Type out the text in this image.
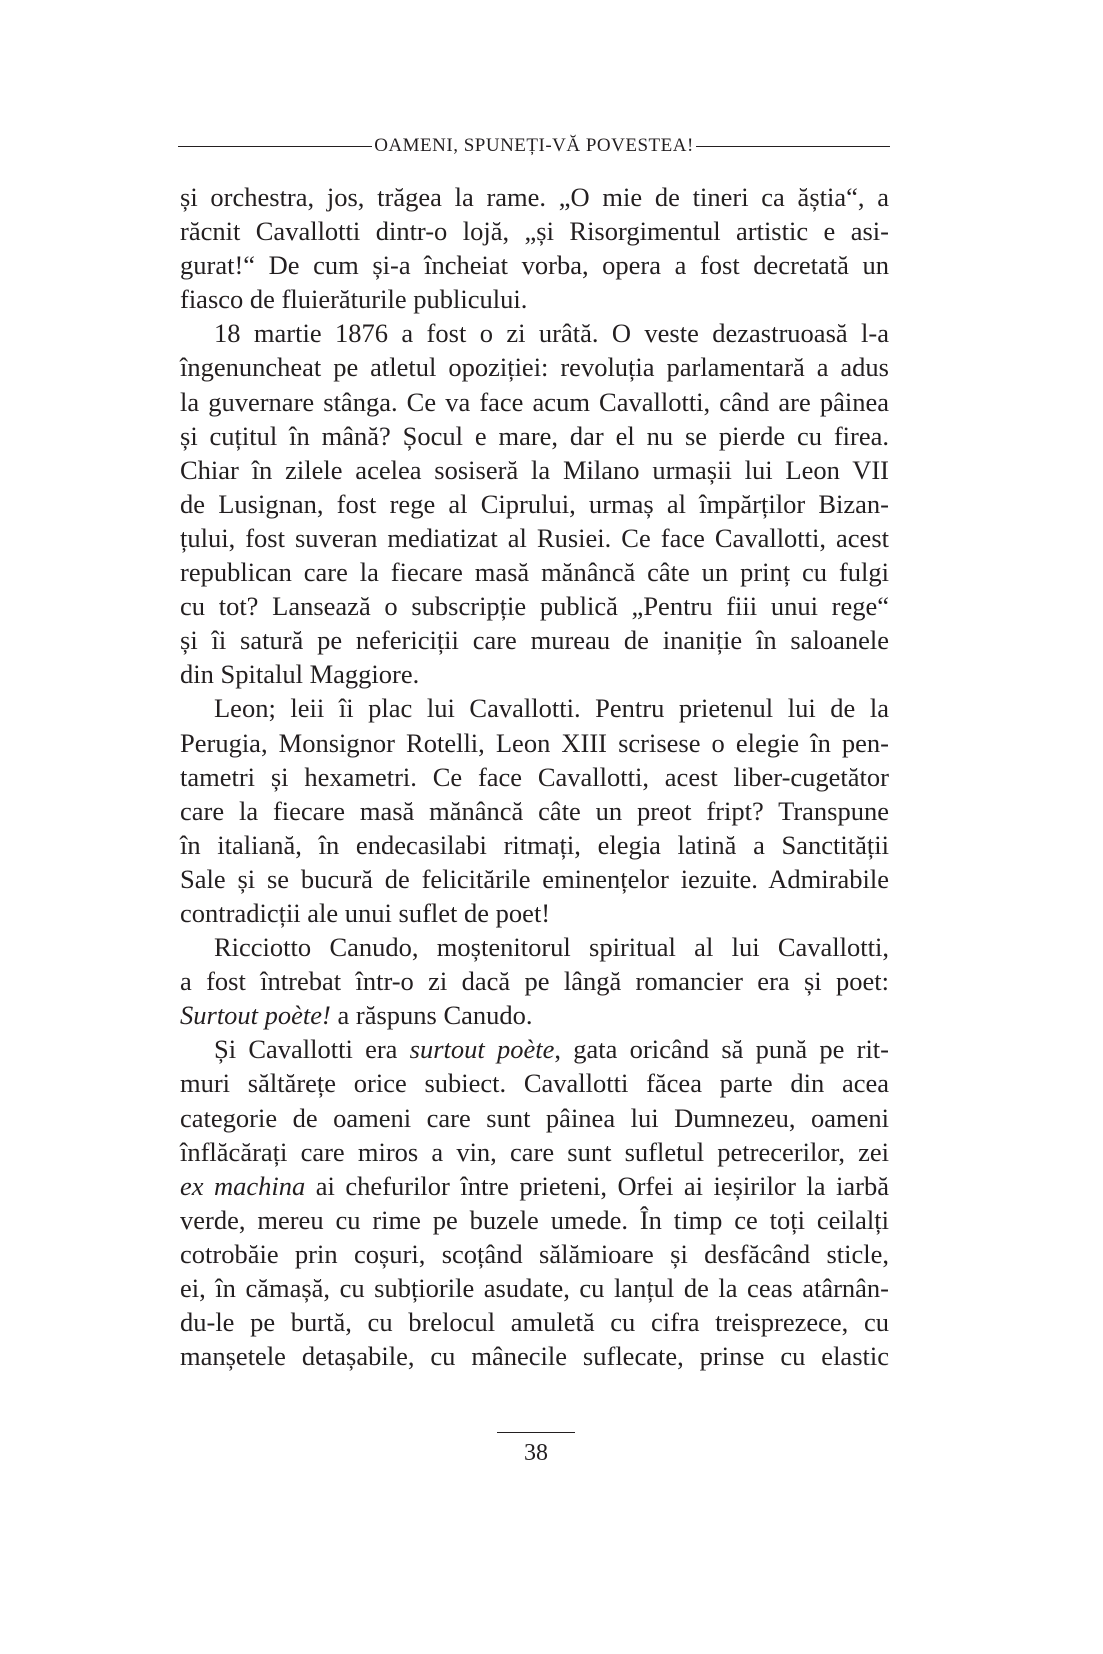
OAMENI, SPUNEȚI-VĂ POVESTEA!
și orchestra, jos, trăgea la rame. „O mie de tineri ca ăștia“, a
răcnit Cavallotti dintr-o lojă, „și Risorgimentul artistic e asi-
gurat!“ De cum și-a încheiat vorba, opera a fost decretată un
fiasco de fluierăturile publicului.
18 martie 1876 a fost o zi urâtă. O veste dezastruoasă l-a
îngenuncheat pe atletul opoziției: revoluția parlamentară a adus
la guvernare stânga. Ce va face acum Cavallotti, când are pâinea
și cuțitul în mână? Șocul e mare, dar el nu se pierde cu firea.
Chiar în zilele acelea sosiseră la Milano urmașii lui Leon VII
de Lusignan, fost rege al Ciprului, urmaș al împărților Bizan-
țului, fost suveran mediatizat al Rusiei. Ce face Cavallotti, acest
republican care la fiecare masă mănâncă câte un prinț cu fulgi
cu tot? Lansează o subscripție publică „Pentru fiii unui rege“
și îi satură pe nefericiții care mureau de inaniție în saloanele
din Spitalul Maggiore.
Leon; leii îi plac lui Cavallotti. Pentru prietenul lui de la
Perugia, Monsignor Rotelli, Leon XIII scrisese o elegie în pen-
tametri și hexametri. Ce face Cavallotti, acest liber-cugetător
care la fiecare masă mănâncă câte un preot fript? Transpune
în italiană, în endecasilabi ritmați, elegia latină a Sanctității
Sale și se bucură de felicitările eminențelor iezuite. Admirabile
contradicții ale unui suflet de poet!
Ricciotto Canudo, moștenitorul spiritual al lui Cavallotti,
a fost întrebat într-o zi dacă pe lângă romancier era și poet:
Surtout poète! a răspuns Canudo.
Și Cavallotti era surtout poète, gata oricând să pună pe rit-
muri săltărețe orice subiect. Cavallotti făcea parte din acea
categorie de oameni care sunt pâinea lui Dumnezeu, oameni
înflăcărați care miros a vin, care sunt sufletul petrecerilor, zei
ex machina ai chefurilor între prieteni, Orfei ai ieșirilor la iarbă
verde, mereu cu rime pe buzele umede. În timp ce toți ceilalți
cotrobăie prin coșuri, scoțând sălămioare și desfăcând sticle,
ei, în cămașă, cu subțiorile asudate, cu lanțul de la ceas atârnân-
du-le pe burtă, cu brelocul amuletă cu cifra treisprezece, cu
manșetele detașabile, cu mânecile suflecate, prinse cu elastic
38
